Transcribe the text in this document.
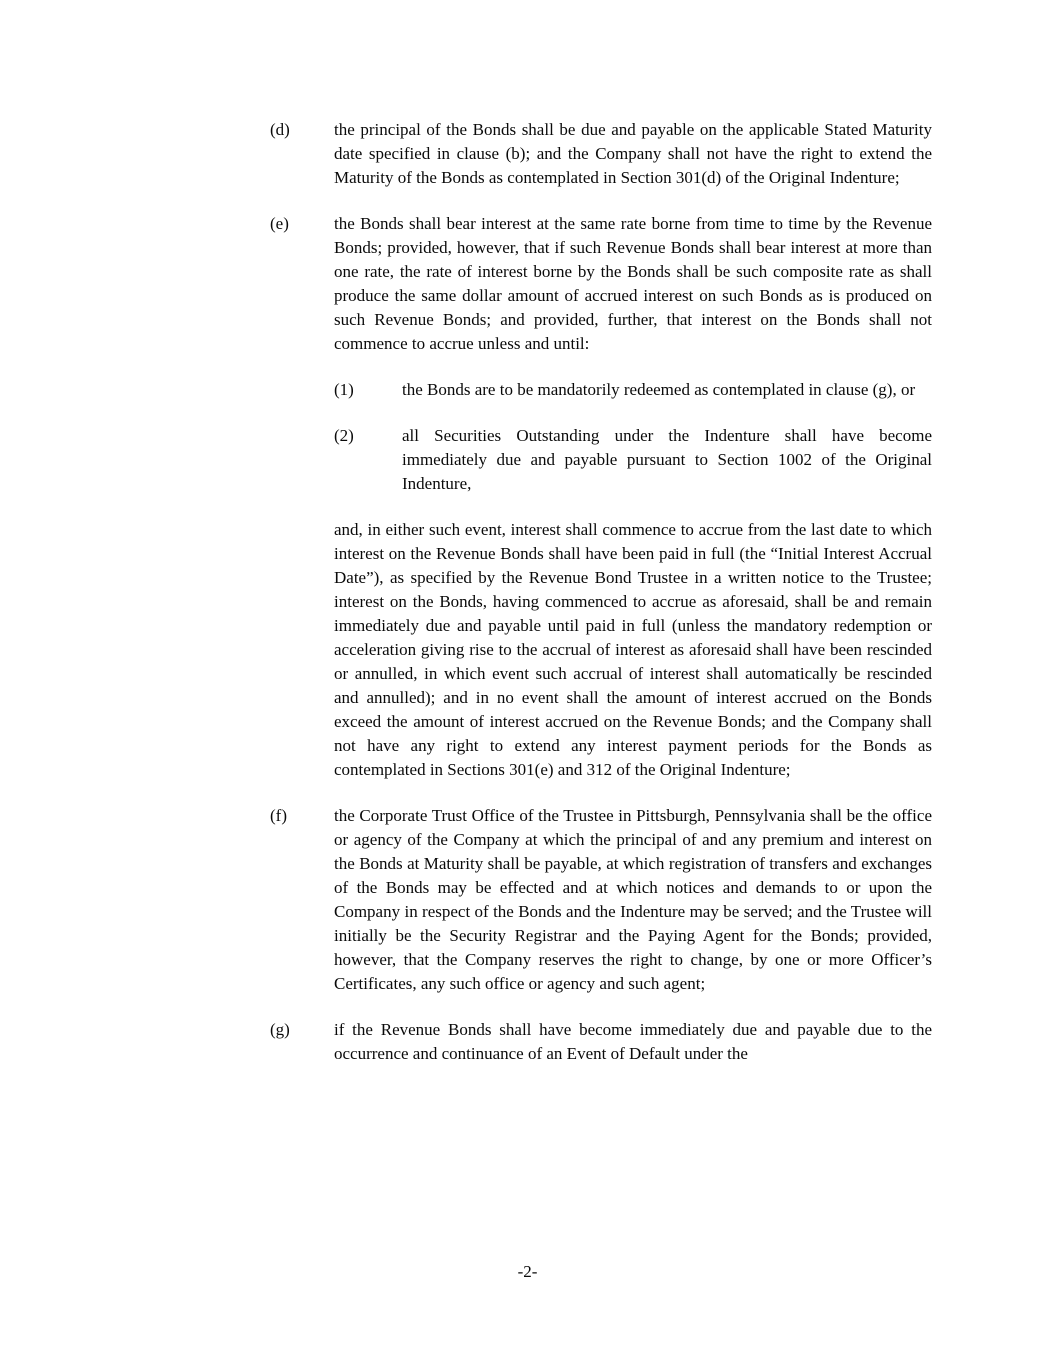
(d)	the principal of the Bonds shall be due and payable on the applicable Stated Maturity date specified in clause (b); and the Company shall not have the right to extend the Maturity of the Bonds as contemplated in Section 301(d) of the Original Indenture;
(e)	the Bonds shall bear interest at the same rate borne from time to time by the Revenue Bonds; provided, however, that if such Revenue Bonds shall bear interest at more than one rate, the rate of interest borne by the Bonds shall be such composite rate as shall produce the same dollar amount of accrued interest on such Bonds as is produced on such Revenue Bonds; and provided, further, that interest on the Bonds shall not commence to accrue unless and until:
(1)	the Bonds are to be mandatorily redeemed as contemplated in clause (g), or
(2)	all Securities Outstanding under the Indenture shall have become immediately due and payable pursuant to Section 1002 of the Original Indenture,
and, in either such event, interest shall commence to accrue from the last date to which interest on the Revenue Bonds shall have been paid in full (the “Initial Interest Accrual Date”), as specified by the Revenue Bond Trustee in a written notice to the Trustee; interest on the Bonds, having commenced to accrue as aforesaid, shall be and remain immediately due and payable until paid in full (unless the mandatory redemption or acceleration giving rise to the accrual of interest as aforesaid shall have been rescinded or annulled, in which event such accrual of interest shall automatically be rescinded and annulled); and in no event shall the amount of interest accrued on the Bonds exceed the amount of interest accrued on the Revenue Bonds; and the Company shall not have any right to extend any interest payment periods for the Bonds as contemplated in Sections 301(e) and 312 of the Original Indenture;
(f)	the Corporate Trust Office of the Trustee in Pittsburgh, Pennsylvania shall be the office or agency of the Company at which the principal of and any premium and interest on the Bonds at Maturity shall be payable, at which registration of transfers and exchanges of the Bonds may be effected and at which notices and demands to or upon the Company in respect of the Bonds and the Indenture may be served; and the Trustee will initially be the Security Registrar and the Paying Agent for the Bonds; provided, however, that the Company reserves the right to change, by one or more Officer’s Certificates, any such office or agency and such agent;
(g)	if the Revenue Bonds shall have become immediately due and payable due to the occurrence and continuance of an Event of Default under the
-2-
